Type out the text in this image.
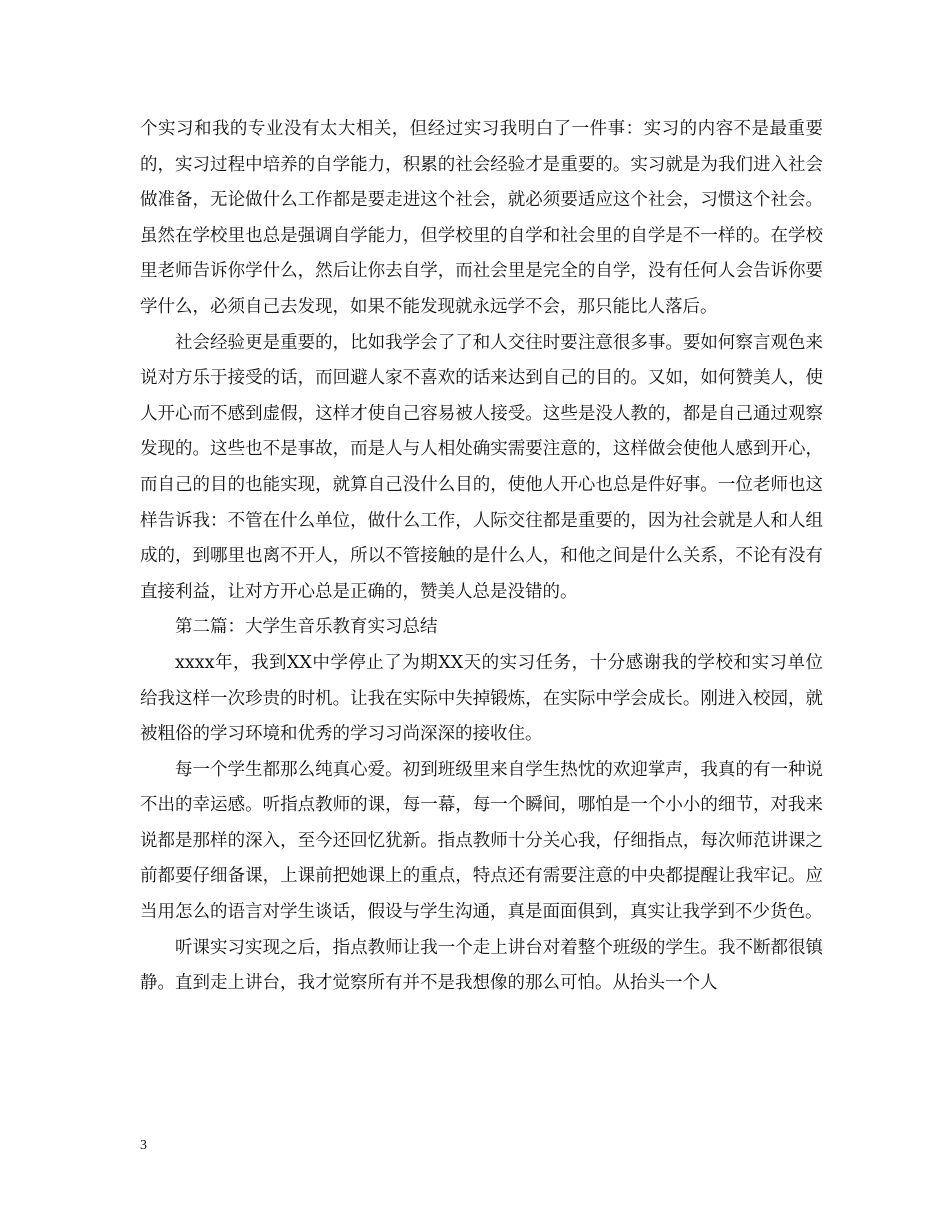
个实习和我的专业没有太大相关，但经过实习我明白了一件事：实习的内容不是最重要的，实习过程中培养的自学能力，积累的社会经验才是重要的。实习就是为我们进入社会做准备，无论做什么工作都是要走进这个社会，就必须要适应这个社会，习惯这个社会。虽然在学校里也总是强调自学能力，但学校里的自学和社会里的自学是不一样的。在学校里老师告诉你学什么，然后让你去自学，而社会里是完全的自学，没有任何人会告诉你要学什么，必须自己去发现，如果不能发现就永远学不会，那只能比人落后。

社会经验更是重要的，比如我学会了了和人交往时要注意很多事。要如何察言观色来说对方乐于接受的话，而回避人家不喜欢的话来达到自己的目的。又如，如何赞美人，使人开心而不感到虚假，这样才使自己容易被人接受。这些是没人教的，都是自己通过观察发现的。这些也不是事故，而是人与人相处确实需要注意的，这样做会使他人感到开心，而自己的目的也能实现，就算自己没什么目的，使他人开心也总是件好事。一位老师也这样告诉我：不管在什么单位，做什么工作，人际交往都是重要的，因为社会就是人和人组成的，到哪里也离不开人，所以不管接触的是什么人，和他之间是什么关系，不论有没有直接利益，让对方开心总是正确的，赞美人总是没错的。

第二篇：大学生音乐教育实习总结

xxxx年，我到XX中学停止了为期XX天的实习任务，十分感谢我的学校和实习单位给我这样一次珍贵的时机。让我在实际中失掉锻炼，在实际中学会成长。刚进入校园，就被粗俗的学习环境和优秀的学习习尚深深的接收住。

每一个学生都那么纯真心爱。初到班级里来自学生热忱的欢迎掌声，我真的有一种说不出的幸运感。听指点教师的课，每一幕，每一个瞬间，哪怕是一个小小的细节，对我来说都是那样的深入，至今还回忆犹新。指点教师十分关心我，仔细指点，每次师范讲课之前都要仔细备课，上课前把她课上的重点，特点还有需要注意的中央都提醒让我牢记。应当用怎么的语言对学生谈话，假设与学生沟通，真是面面俱到，真实让我学到不少货色。

听课实习实现之后，指点教师让我一个走上讲台对着整个班级的学生。我不断都很镇静。直到走上讲台，我才觉察所有并不是我想像的那么可怕。从抬头一个人

3
